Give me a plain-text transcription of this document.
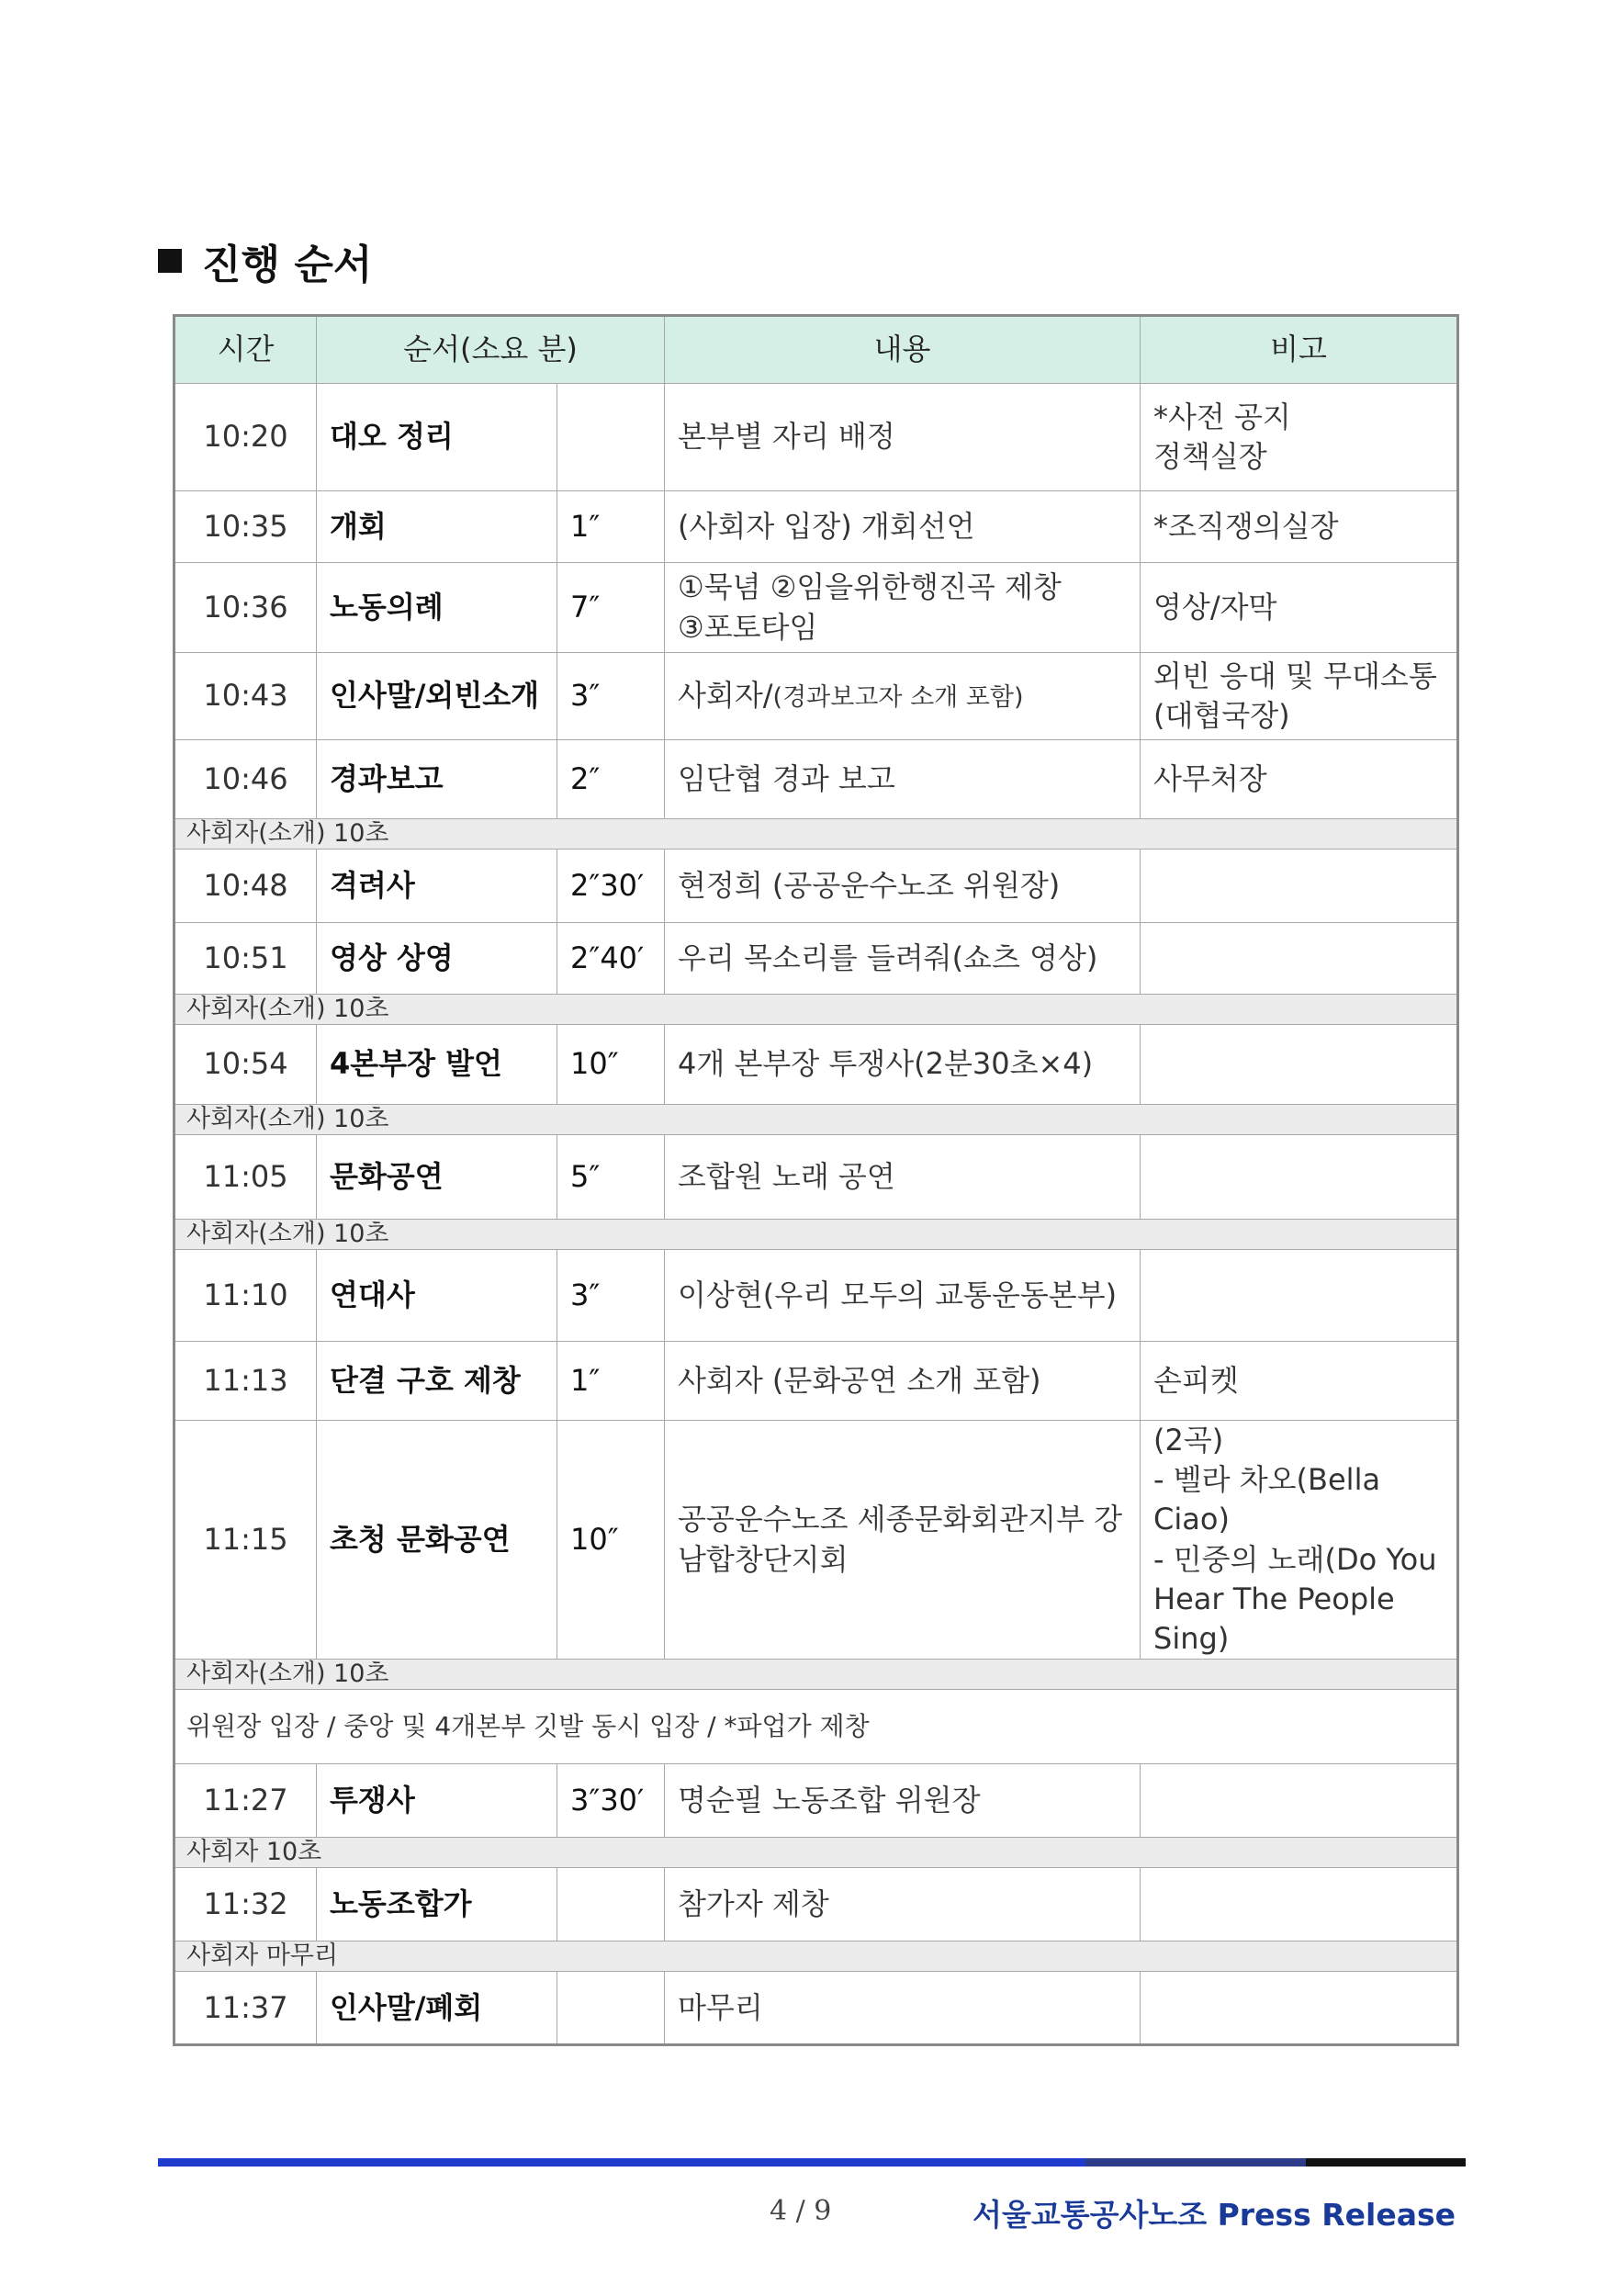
진행 순서
시간	순서(소요 분)		내용	비고
10:20	대오 정리		본부별 자리 배정	*사전 공지
정책실장
10:35	개회	1″	(사회자 입장) 개회선언	*조직쟁의실장
10:36	노동의례	7″	①묵념 ②임을위한행진곡 제창
③포토타임	영상/자막
10:43	인사말/외빈소개	3″	사회자/(경과보고자 소개 포함)	외빈 응대 및 무대소통 (대협국장)
10:46	경과보고	2″	임단협 경과 보고	사무처장
사회자(소개) 10초				
10:48	격려사	2″30′	현정희 (공공운수노조 위원장)	
10:51	영상 상영	2″40′	우리 목소리를 들려줘(쇼츠 영상)	
사회자(소개) 10초				
10:54	4본부장 발언	10″	4개 본부장 투쟁사(2분30초×4)	
사회자(소개) 10초				
11:05	문화공연	5″	조합원 노래 공연	
사회자(소개) 10초				
11:10	연대사	3″	이상현(우리 모두의 교통운동본부)	
11:13	단결 구호 제창	1″	사회자 (문화공연 소개 포함)	손피켓
11:15	초청 문화공연	10″	공공운수노조 세종문화회관지부 강남합창단지회	(2곡)
- 벨라 차오(Bella Ciao)
- 민중의 노래(Do You Hear The People Sing)
사회자(소개) 10초				
위원장 입장 / 중앙 및 4개본부 깃발 동시 입장 / *파업가 제창				
11:27	투쟁사	3″30′	명순필 노동조합 위원장	
사회자 10초				
11:32	노동조합가		참가자 제창	
사회자 마무리				
11:37	인사말/폐회		마무리	
4 / 9	서울교통공사노조 Press Release
